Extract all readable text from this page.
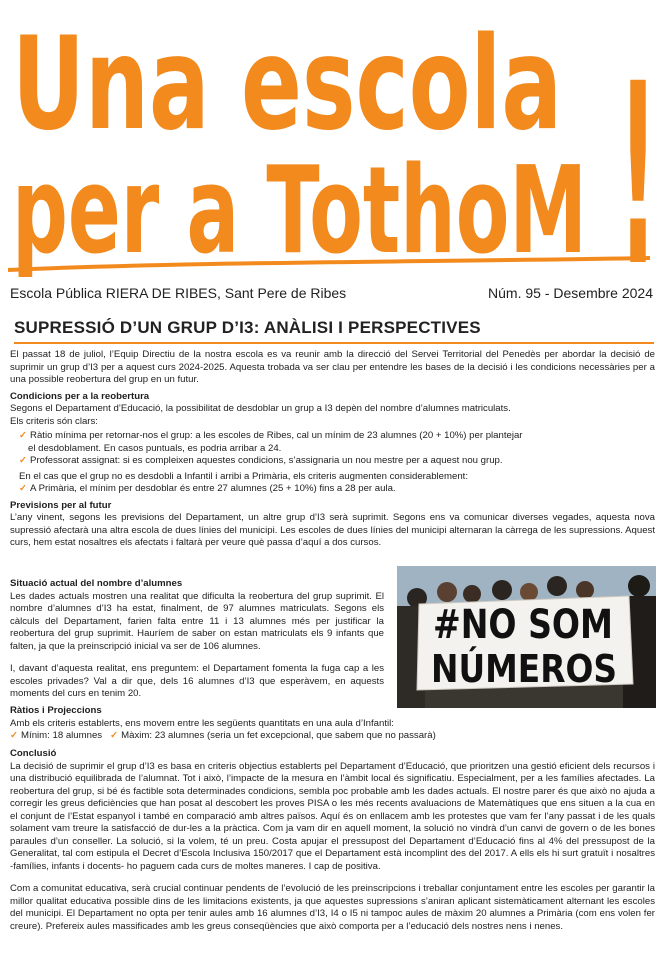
Una escola
per a TothoM !
Escola Pública RIERA DE RIBES, Sant Pere de Ribes	Núm. 95 - Desembre 2024
SUPRESSIÓ D’UN GRUP D’I3: ANÀLISI I PERSPECTIVES

El passat 18 de juliol, l’Equip Directiu de la nostra escola es va reunir amb la direcció del Servei Territorial del Penedès per abordar la decisió de suprimir un grup d’I3 per a aquest curs 2024-2025. Aquesta trobada va ser clau per entendre les bases de la decisió i les condicions necessàries per a una possible reobertura del grup en un futur.

Condicions per a la reobertura

Segons el Departament d’Educació, la possibilitat de desdoblar un grup a I3 depèn del nombre d’alumnes matriculats.

Els criteris són clars:

✓ Ràtio mínima per retornar-nos el grup: a les escoles de Ribes, cal un mínim de 23 alumnes (20 + 10%) per plantejar

el desdoblament. En casos puntuals, es podria arribar a 24.

✓ Professorat assignat: si es compleixen aquestes condicions, s’assignaria un nou mestre per a aquest nou grup.

En el cas que el grup no es desdobli a Infantil i arribi a Primària, els criteris augmenten considerablement:

✓ A Primària, el mínim per desdoblar és entre 27 alumnes (25 + 10%) fins a 28 per aula.

Previsions per al futur

L’any vinent, segons les previsions del Departament, un altre grup d’I3 serà suprimit. Segons ens va comunicar diverses vegades, aquesta nova supressió afectarà una altra escola de dues línies del municipi. Les escoles de dues línies del municipi alternaran la càrrega de les supressions. Aquest curs, hem estat nosaltres els afectats i faltarà per veure què passa d’aquí a dos cursos.

Situació actual del nombre d’alumnes

Les dades actuals mostren una realitat que dificulta la reobertura del grup suprimit. El nombre d’alumnes d’I3 ha estat, finalment, de 97 alumnes matriculats. Segons els càlculs del Departament, farien falta entre 11 i 13 alumnes més per justificar la reobertura del grup suprimit. Hauríem de saber on estan matriculats els 9 infants que falten, ja que la preinscripció inicial va ser de 106 alumnes.

I, davant d’aquesta realitat, ens preguntem: el Departament fomenta la fuga cap a les escoles privades? Val a dir que, dels 16 alumnes d’I3 que esperàvem, en aquests moments del curs en tenim 20.

#NO SOM
NÚMEROS

Ràtios i Projeccions

Amb els criteris establerts, ens movem entre les següents quantitats en una aula d’Infantil:

✓ Mínim: 18 alumnes ✓ Màxim: 23 alumnes (seria un fet excepcional, que sabem que no passarà)

Conclusió

La decisió de suprimir el grup d’I3 es basa en criteris objectius establerts pel Departament d’Educació, que prioritzen una gestió eficient dels recursos i una distribució equilibrada de l’alumnat. Tot i això, l’impacte de la mesura en l’àmbit local és significatiu. Especialment, per a les famílies afectades. La reobertura del grup, si bé és factible sota determinades condicions, sembla poc probable amb les dades actuals. El nostre parer és que això no ajuda a corregir les greus deficiències que han posat al descobert les proves PISA o les més recents avaluacions de Matemàtiques que ens situen a la cua en el conjunt de l’Estat espanyol i també en comparació amb altres països. Aquí és on enllacem amb les protestes que vam fer l’any passat i de les quals solament vam treure la satisfacció de dur-les a la pràctica. Com ja vam dir en aquell moment, la solució no vindrà d’un canvi de govern o de les bones paraules d’un conseller. La solució, si la volem, té un preu. Costa apujar el pressupost del Departament d’Educació fins al 4% del pressupost de la Generalitat, tal com estipula el Decret d’Escola Inclusiva 150/2017 que el Departament està incomplint des del 2017. A ells els hi surt gratuït i nosaltres -famílies, infants i docents- ho paguem cada curs de moltes maneres. I cap de positiva.

Com a comunitat educativa, serà crucial continuar pendents de l’evolució de les preinscripcions i treballar conjuntament entre les escoles per garantir la millor qualitat educativa possible dins de les limitacions existents, ja que aquestes supressions s’aniran aplicant sistemàticament alternant les escoles del municipi. El Departament no opta per tenir aules amb 16 alumnes d’I3, I4 o I5 ni tampoc aules de màxim 20 alumnes a Primària (com ens volen fer creure). Prefereix aules massificades amb les greus conseqüències que això comporta per a l’educació dels nostres nens i nenes.
